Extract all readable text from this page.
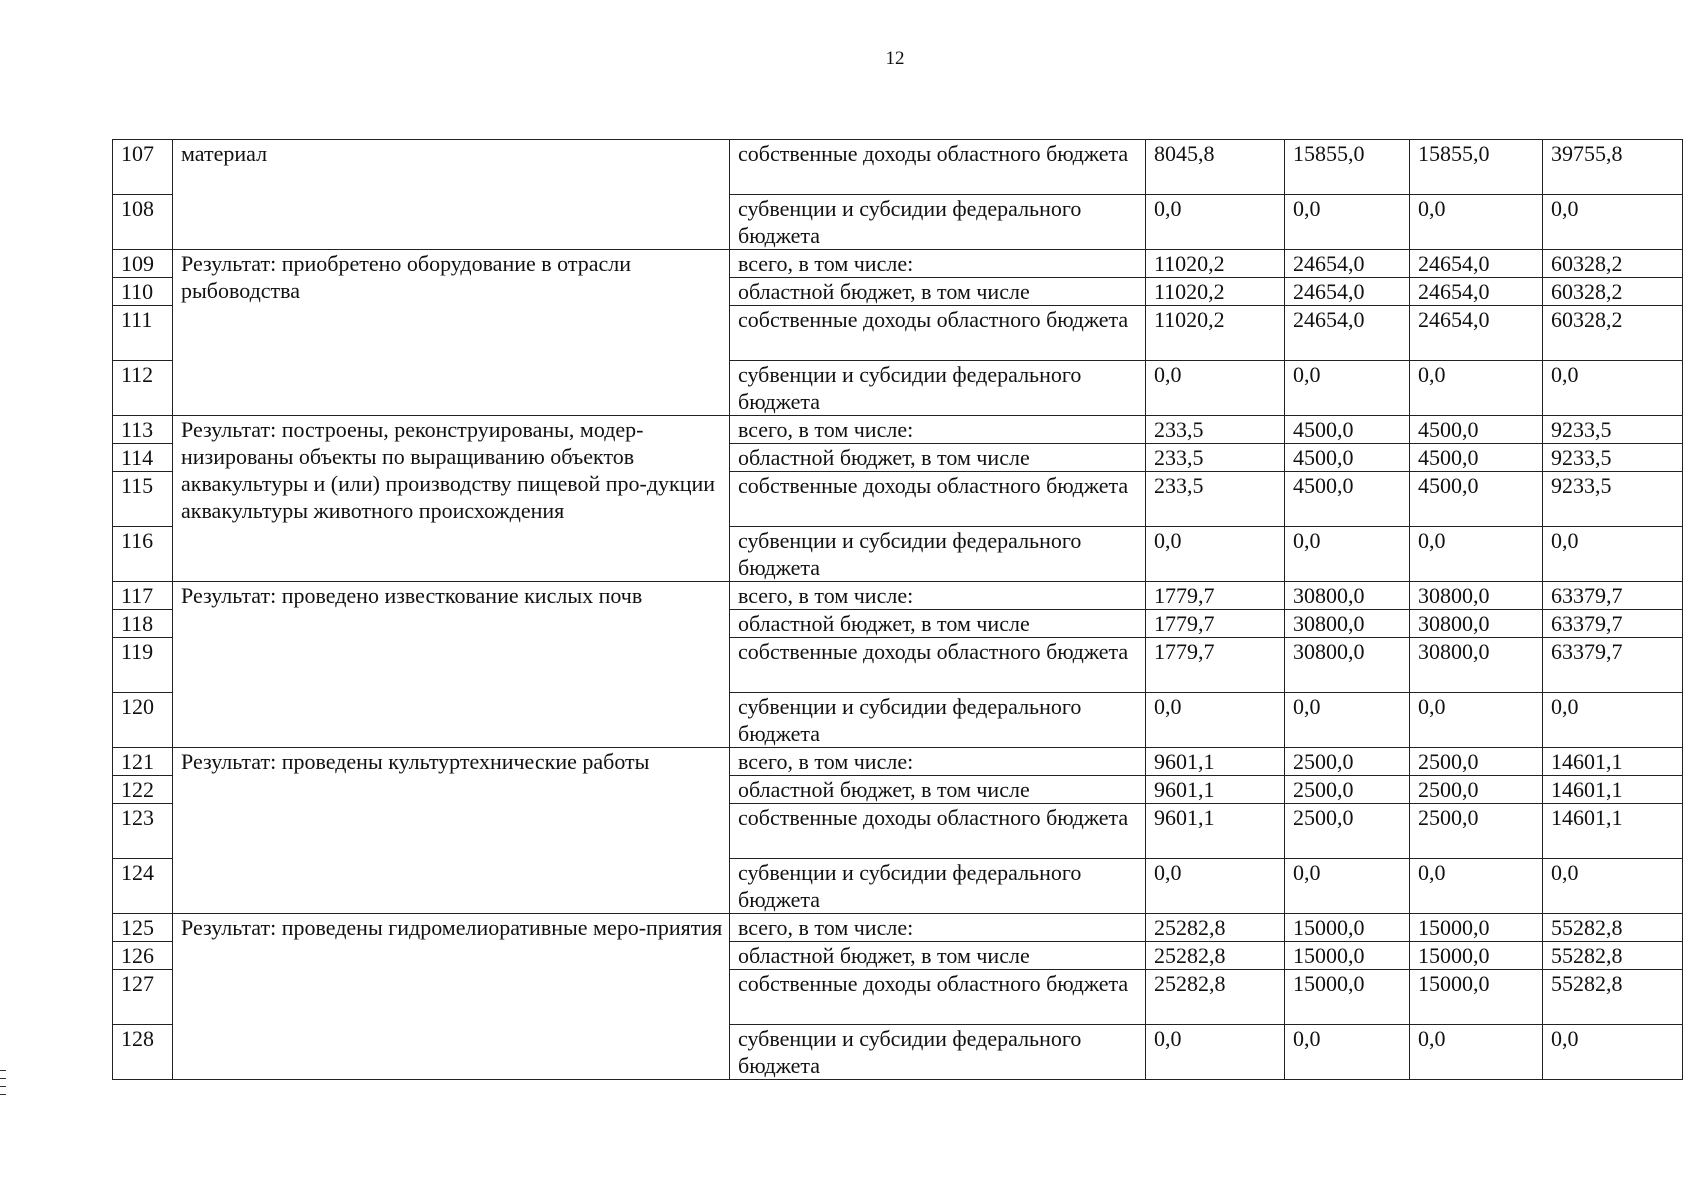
12
107	материал	собственные доходы областного бюджета	8045,8	15855,0	15855,0	39755,8
108		субвенции и субсидии федерального бюджета	0,0	0,0	0,0	0,0
109	Результат: приобретено оборудование в отрасли рыбоводства	всего, в том числе:	11020,2	24654,0	24654,0	60328,2
110		областной бюджет, в том числе	11020,2	24654,0	24654,0	60328,2
111		собственные доходы областного бюджета	11020,2	24654,0	24654,0	60328,2
112		субвенции и субсидии федерального бюджета	0,0	0,0	0,0	0,0
113	Результат: построены, реконструированы, модер-низированы объекты по выращиванию объектов аквакультуры и (или) производству пищевой про-дукции аквакультуры животного происхождения	всего, в том числе:	233,5	4500,0	4500,0	9233,5
114		областной бюджет, в том числе	233,5	4500,0	4500,0	9233,5
115		собственные доходы областного бюджета	233,5	4500,0	4500,0	9233,5
116		субвенции и субсидии федерального бюджета	0,0	0,0	0,0	0,0
117	Результат: проведено известкование кислых почв	всего, в том числе:	1779,7	30800,0	30800,0	63379,7
118		областной бюджет, в том числе	1779,7	30800,0	30800,0	63379,7
119		собственные доходы областного бюджета	1779,7	30800,0	30800,0	63379,7
120		субвенции и субсидии федерального бюджета	0,0	0,0	0,0	0,0
121	Результат: проведены культуртехнические работы	всего, в том числе:	9601,1	2500,0	2500,0	14601,1
122		областной бюджет, в том числе	9601,1	2500,0	2500,0	14601,1
123		собственные доходы областного бюджета	9601,1	2500,0	2500,0	14601,1
124		субвенции и субсидии федерального бюджета	0,0	0,0	0,0	0,0
125	Результат: проведены гидромелиоративные меро-приятия	всего, в том числе:	25282,8	15000,0	15000,0	55282,8
126		областной бюджет, в том числе	25282,8	15000,0	15000,0	55282,8
127		собственные доходы областного бюджета	25282,8	15000,0	15000,0	55282,8
128		субвенции и субсидии федерального бюджета	0,0	0,0	0,0	0,0
